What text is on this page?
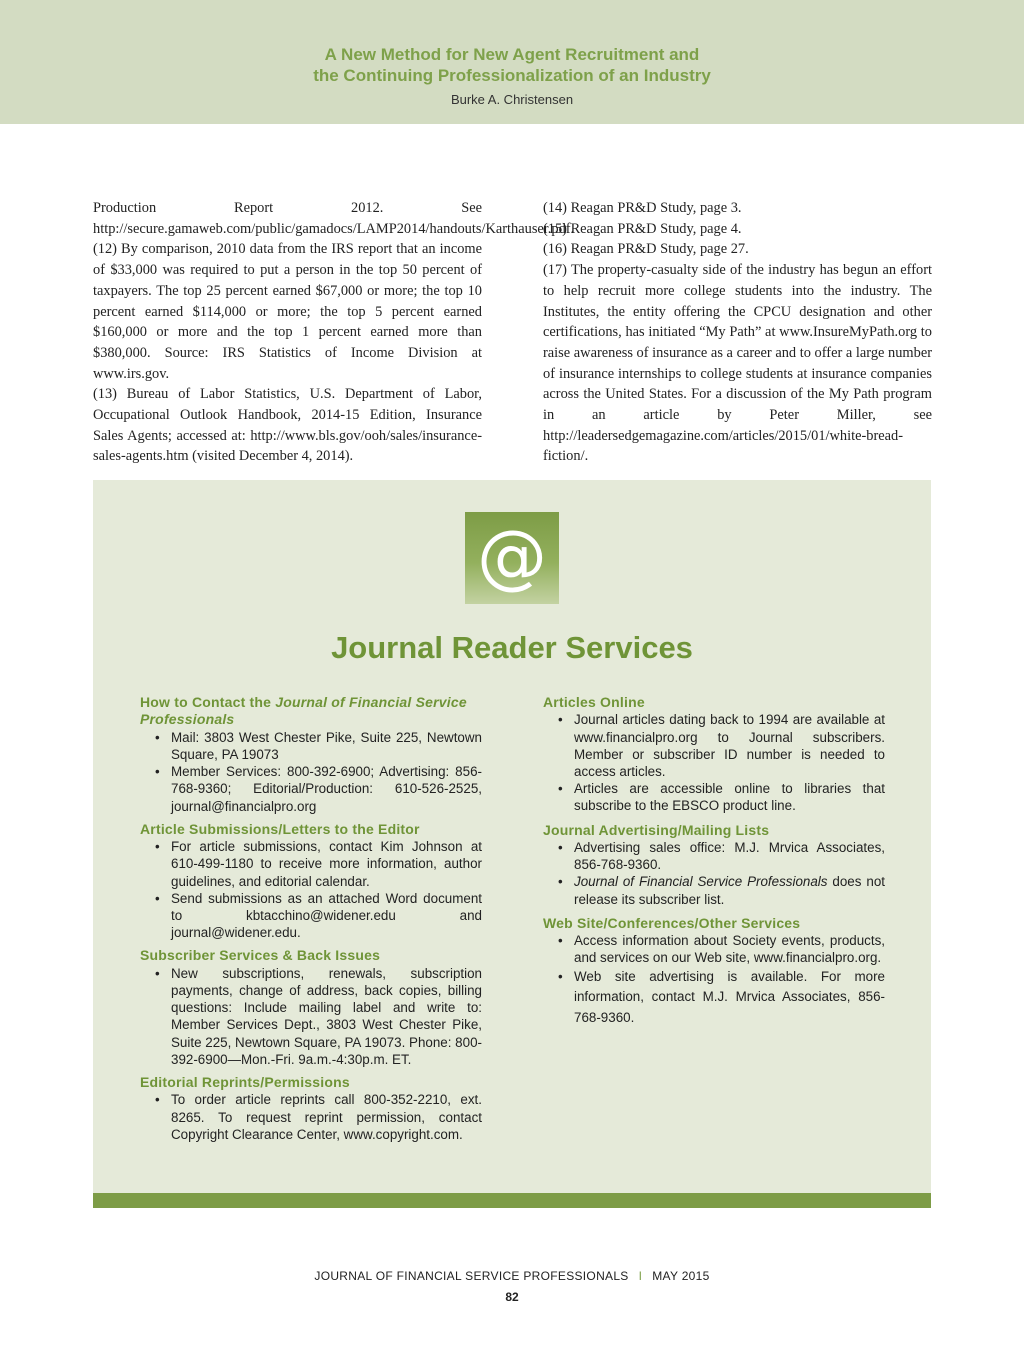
A New Method for New Agent Recruitment and
the Continuing Professionalization of an Industry
Burke A. Christensen

Production Report 2012. See http://secure.gamaweb.com/public/gamadocs/LAMP2014/handouts/Karthauser.pdf.

(12) By comparison, 2010 data from the IRS report that an income of $33,000 was required to put a person in the top 50 percent of taxpayers. The top 25 percent earned $67,000 or more; the top 10 percent earned $114,000 or more; the top 5 percent earned $160,000 or more and the top 1 percent earned more than $380,000. Source: IRS Statistics of Income Division at www.irs.gov.

(13) Bureau of Labor Statistics, U.S. Department of Labor, Occupational Outlook Handbook, 2014-15 Edition, Insurance Sales Agents; accessed at: http://www.bls.gov/ooh/sales/insurance-sales-agents.htm (visited December 4, 2014).

(14) Reagan PR&D Study, page 3.

(15) Reagan PR&D Study, page 4.

(16) Reagan PR&D Study, page 27.

(17) The property-casualty side of the industry has begun an effort to help recruit more college students into the industry. The Institutes, the entity offering the CPCU designation and other certifications, has initiated “My Path” at www.InsureMyPath.org to raise awareness of insurance as a career and to offer a large number of insurance internships to college students at insurance companies across the United States. For a discussion of the My Path program in an article by Peter Miller, see http://leadersedgemagazine.com/articles/2015/01/white-bread-fiction/.

@
Journal Reader Services
How to Contact the Journal of Financial Service Professionals
• Mail: 3803 West Chester Pike, Suite 225, Newtown Square, PA 19073
• Member Services: 800-392-6900; Advertising: 856-768-9360; Editorial/Production: 610-526-2525, journal@financialpro.org
Article Submissions/Letters to the Editor
• For article submissions, contact Kim Johnson at 610-499-1180 to receive more information, author guidelines, and editorial calendar.
• Send submissions as an attached Word document to kbtacchino@widener.edu and journal@widener.edu.
Subscriber Services & Back Issues
• New subscriptions, renewals, subscription payments, change of address, back copies, billing questions: Include mailing label and write to: Member Services Dept., 3803 West Chester Pike, Suite 225, Newtown Square, PA 19073. Phone: 800-392-6900—Mon.-Fri. 9a.m.-4:30p.m. ET.
Editorial Reprints/Permissions
• To order article reprints call 800-352-2210, ext. 8265. To request reprint permission, contact Copyright Clearance Center, www.copyright.com.
Articles Online
• Journal articles dating back to 1994 are available at www.financialpro.org to Journal subscribers. Member or subscriber ID number is needed to access articles.
• Articles are accessible online to libraries that subscribe to the EBSCO product line.
Journal Advertising/Mailing Lists
• Advertising sales office: M.J. Mrvica Associates, 856-768-9360.
• Journal of Financial Service Professionals does not release its subscriber list.
Web Site/Conferences/Other Services
• Access information about Society events, products, and services on our Web site, www.financialpro.org.
• Web site advertising is available. For more information, contact M.J. Mrvica Associates, 856-768-9360.
JOURNAL OF FINANCIAL SERVICE PROFESSIONALS I MAY 2015
82
